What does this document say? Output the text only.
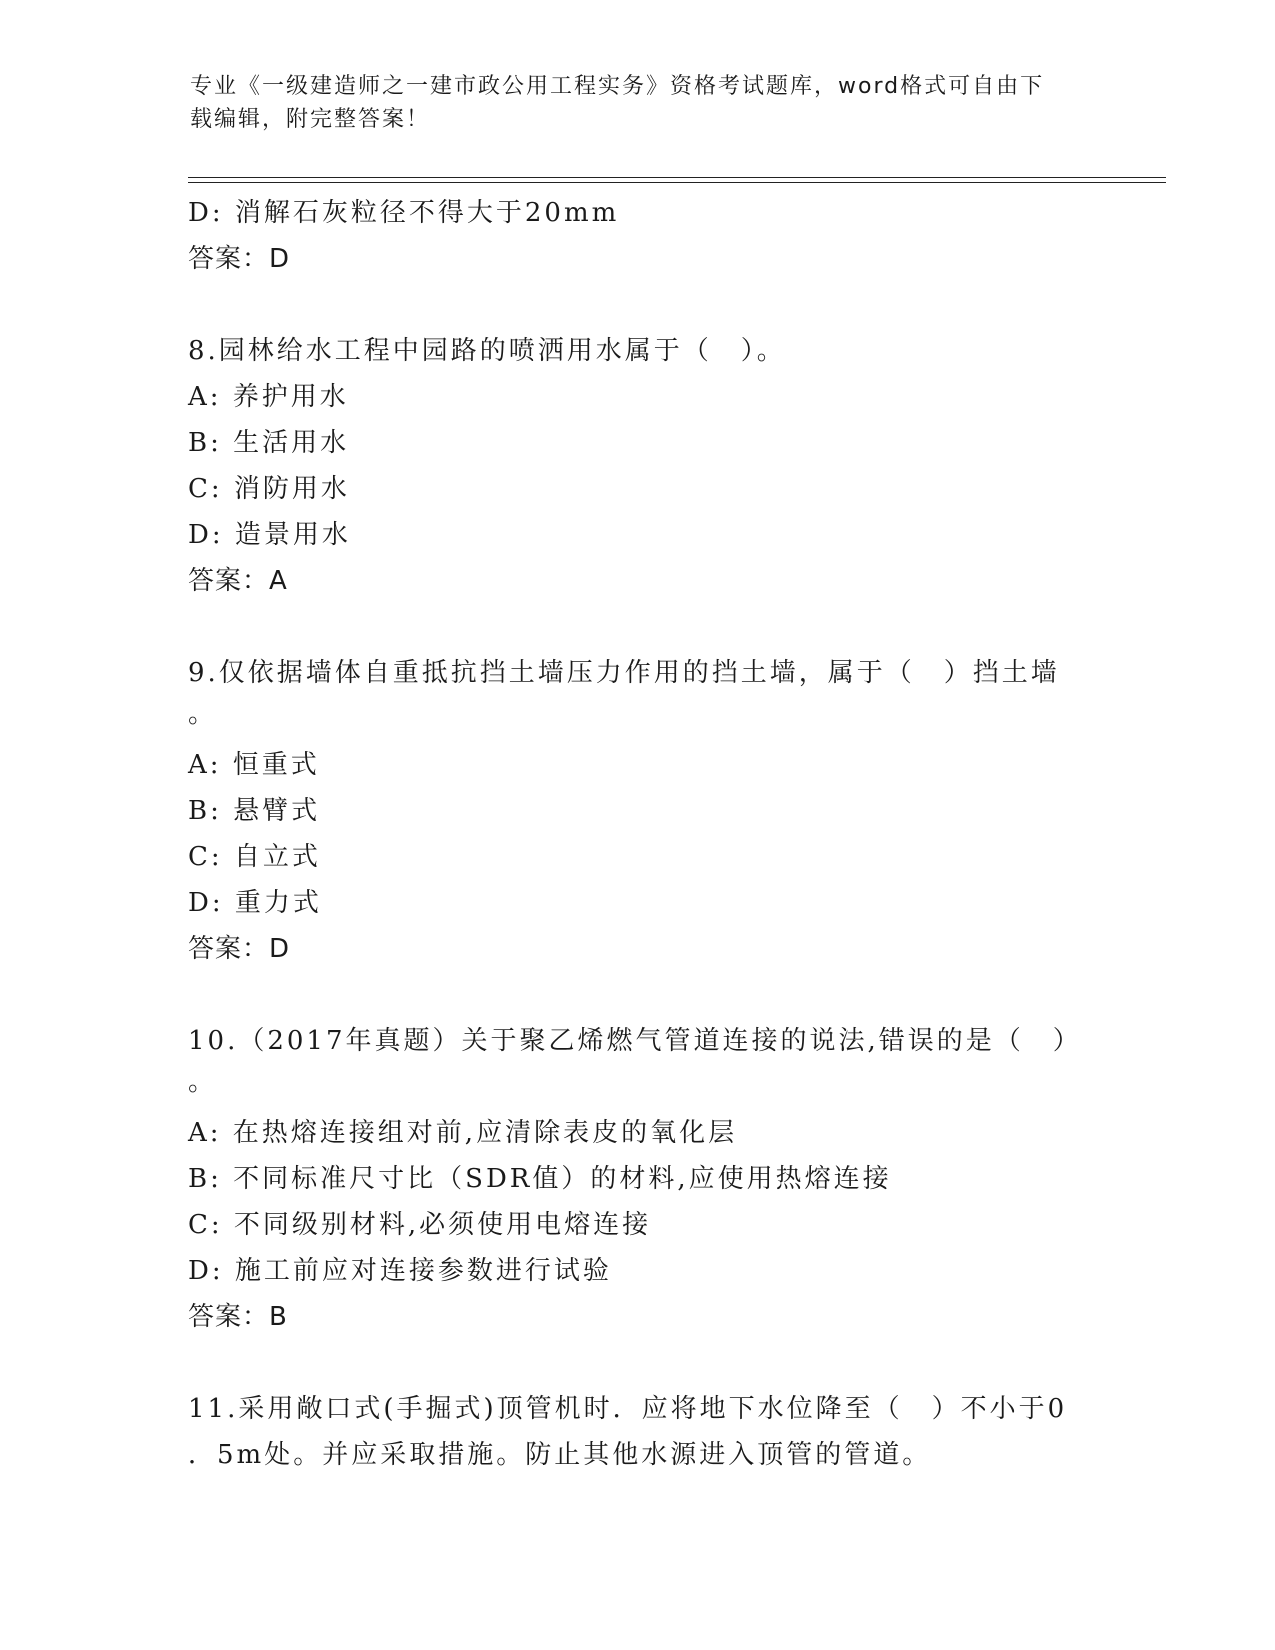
专业《一级建造师之一建市政公用工程实务》资格考试题库，word格式可自由下
载编辑，附完整答案！
D: 消解石灰粒径不得大于20mm
答案：D
8.园林给水工程中园路的喷洒用水属于（　）。
A: 养护用水
B: 生活用水
C: 消防用水
D: 造景用水
答案：A
9.仅依据墙体自重抵抗挡土墙压力作用的挡土墙，属于（　）挡土墙
。
A: 恒重式
B: 悬臂式
C: 自立式
D: 重力式
答案：D
10.（2017年真题）关于聚乙烯燃气管道连接的说法,错误的是（　）
。
A: 在热熔连接组对前,应清除表皮的氧化层
B: 不同标准尺寸比（SDR值）的材料,应使用热熔连接
C: 不同级别材料,必须使用电熔连接
D: 施工前应对连接参数进行试验
答案：B
11.采用敞口式(手掘式)顶管机时．应将地下水位降至（　）不小于0
．5m处。并应采取措施。防止其他水源进入顶管的管道。
